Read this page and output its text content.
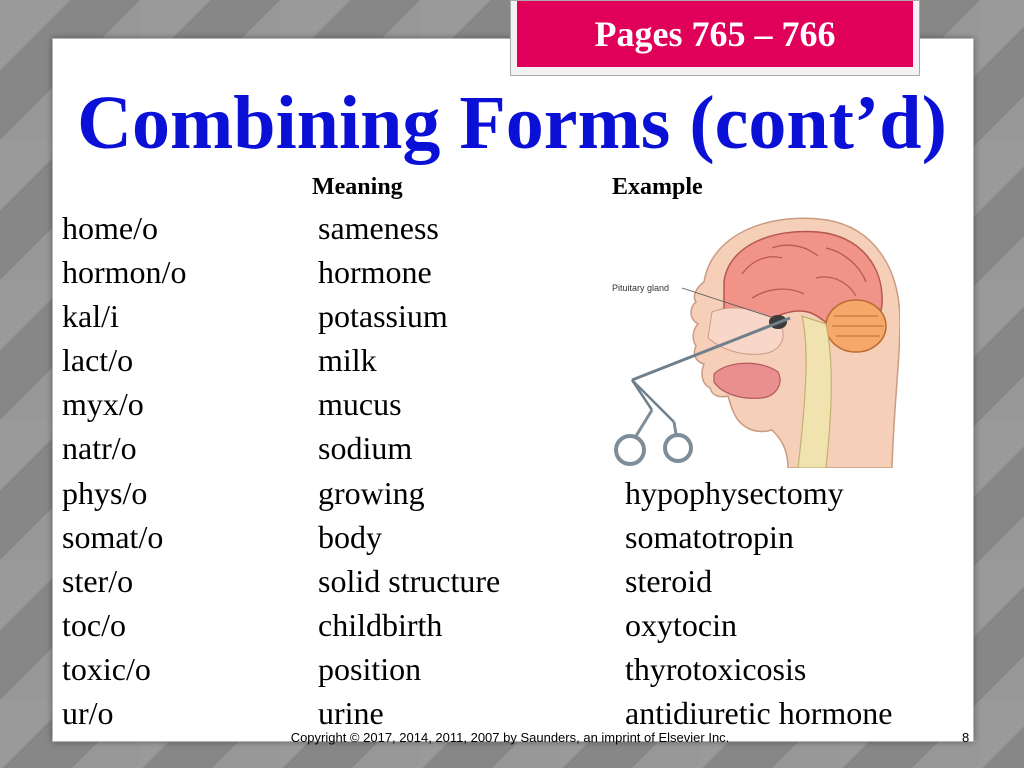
Pages 765 – 766
Combining Forms (cont’d)
Meaning	Example
home/o	sameness
hormon/o	hormone
kal/i	potassium
lact/o	milk
myx/o	mucus
natr/o	sodium
phys/o	growing	hypophysectomy
somat/o	body	somatotropin
ster/o	solid structure	steroid
toc/o	childbirth	oxytocin
toxic/o	position	thyrotoxicosis
ur/o	urine	antidiuretic hormone
Pituitary gland
Copyright © 2017, 2014, 2011, 2007 by Saunders, an imprint of Elsevier Inc.	8
